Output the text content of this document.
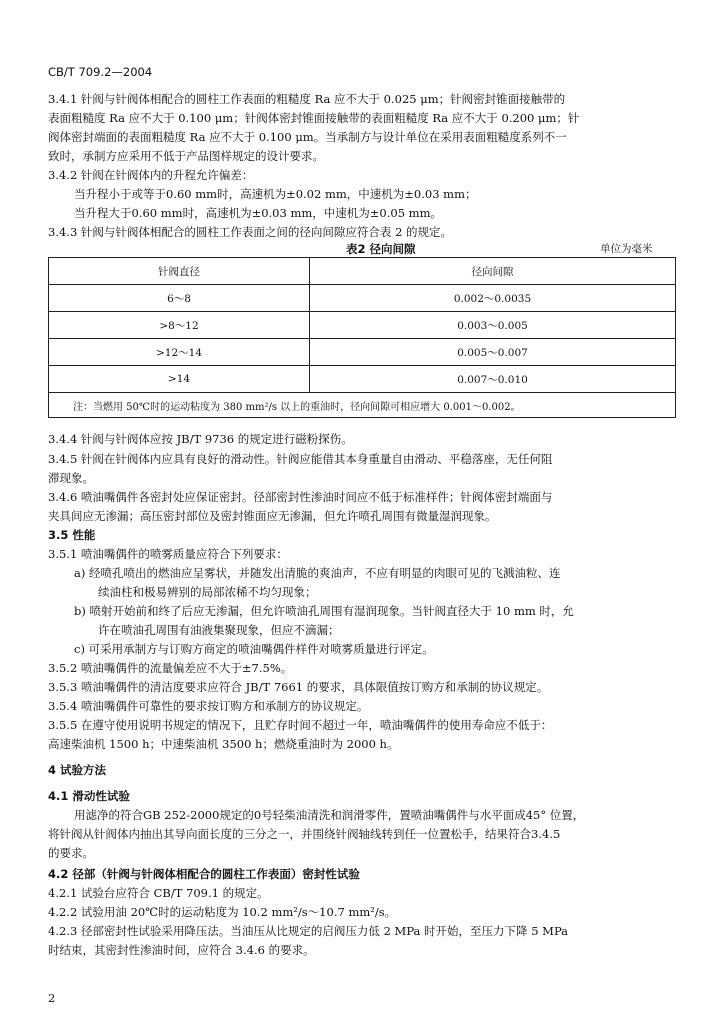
CB/T 709.2—2004
3.4.1 针阀与针阀体相配合的圆柱工作表面的粗糙度 Ra 应不大于 0.025 μm；针阀密封锥面接触带的
表面粗糙度 Ra 应不大于 0.100 μm；针阀体密封锥面接触带的表面粗糙度 Ra 应不大于 0.200 μm；针
阀体密封端面的表面粗糙度 Ra 应不大于 0.100 μm。当承制方与设计单位在采用表面粗糙度系列不一
致时，承制方应采用不低于产品图样规定的设计要求。
3.4.2 针阀在针阀体内的升程允许偏差：
当升程小于或等于0.60 mm时，高速机为±0.02 mm，中速机为±0.03 mm；
当升程大于0.60 mm时，高速机为±0.03 mm，中速机为±0.05 mm。
3.4.3 针阀与针阀体相配合的圆柱工作表面之间的径向间隙应符合表 2 的规定。
表2 径向间隙	单位为毫米
针阀直径	径向间隙
6～8	0.002～0.0035
>8～12	0.003～0.005
>12～14	0.005～0.007
>14	0.007～0.010
注：当燃用 50℃时的运动粘度为 380 mm²/s 以上的重油时，径向间隙可相应增大 0.001～0.002。	
3.4.4 针阀与针阀体应按 JB/T 9736 的规定进行磁粉探伤。
3.4.5 针阀在针阀体内应具有良好的滑动性。针阀应能借其本身重量自由滑动、平稳落座，无任何阻
滞现象。
3.4.6 喷油嘴偶件各密封处应保证密封。径部密封性渗油时间应不低于标准样件；针阀体密封端面与
夹具间应无渗漏；高压密封部位及密封锥面应无渗漏，但允许喷孔周围有微量湿润现象。
3.5 性能
3.5.1 喷油嘴偶件的喷雾质量应符合下列要求：
a) 经喷孔喷出的燃油应呈雾状，并随发出清脆的爽油声，不应有明显的肉眼可见的飞溅油粒、连
续油柱和极易辨别的局部浓稀不均匀现象；
b) 喷射开始前和终了后应无渗漏，但允许喷油孔周围有湿润现象。当针阀直径大于 10 mm 时，允
许在喷油孔周围有油液集聚现象，但应不滴漏；
c) 可采用承制方与订购方商定的喷油嘴偶件样件对喷雾质量进行评定。
3.5.2 喷油嘴偶件的流量偏差应不大于±7.5%。
3.5.3 喷油嘴偶件的清洁度要求应符合 JB/T 7661 的要求，具体限值按订购方和承制的协议规定。
3.5.4 喷油嘴偶件可靠性的要求按订购方和承制方的协议规定。
3.5.5 在遵守使用说明书规定的情况下，且贮存时间不超过一年，喷油嘴偶件的使用寿命应不低于：
高速柴油机 1500 h；中速柴油机 3500 h；燃烧重油时为 2000 h。
4 试验方法
4.1 滑动性试验
用滤净的符合GB 252-2000规定的0号轻柴油清洗和润滑零件，置喷油嘴偶件与水平面成45° 位置，
将针阀从针阀体内抽出其导向面长度的三分之一，并围绕针阀轴线转到任一位置松手，结果符合3.4.5
的要求。
4.2 径部（针阀与针阀体相配合的圆柱工作表面）密封性试验
4.2.1 试验台应符合 CB/T 709.1 的规定。
4.2.2 试验用油 20℃时的运动粘度为 10.2 mm²/s～10.7 mm²/s。
4.2.3 径部密封性试验采用降压法。当油压从比规定的启阀压力低 2 MPa 时开始，至压力下降 5 MPa
时结束，其密封性渗油时间，应符合 3.4.6 的要求。
2
